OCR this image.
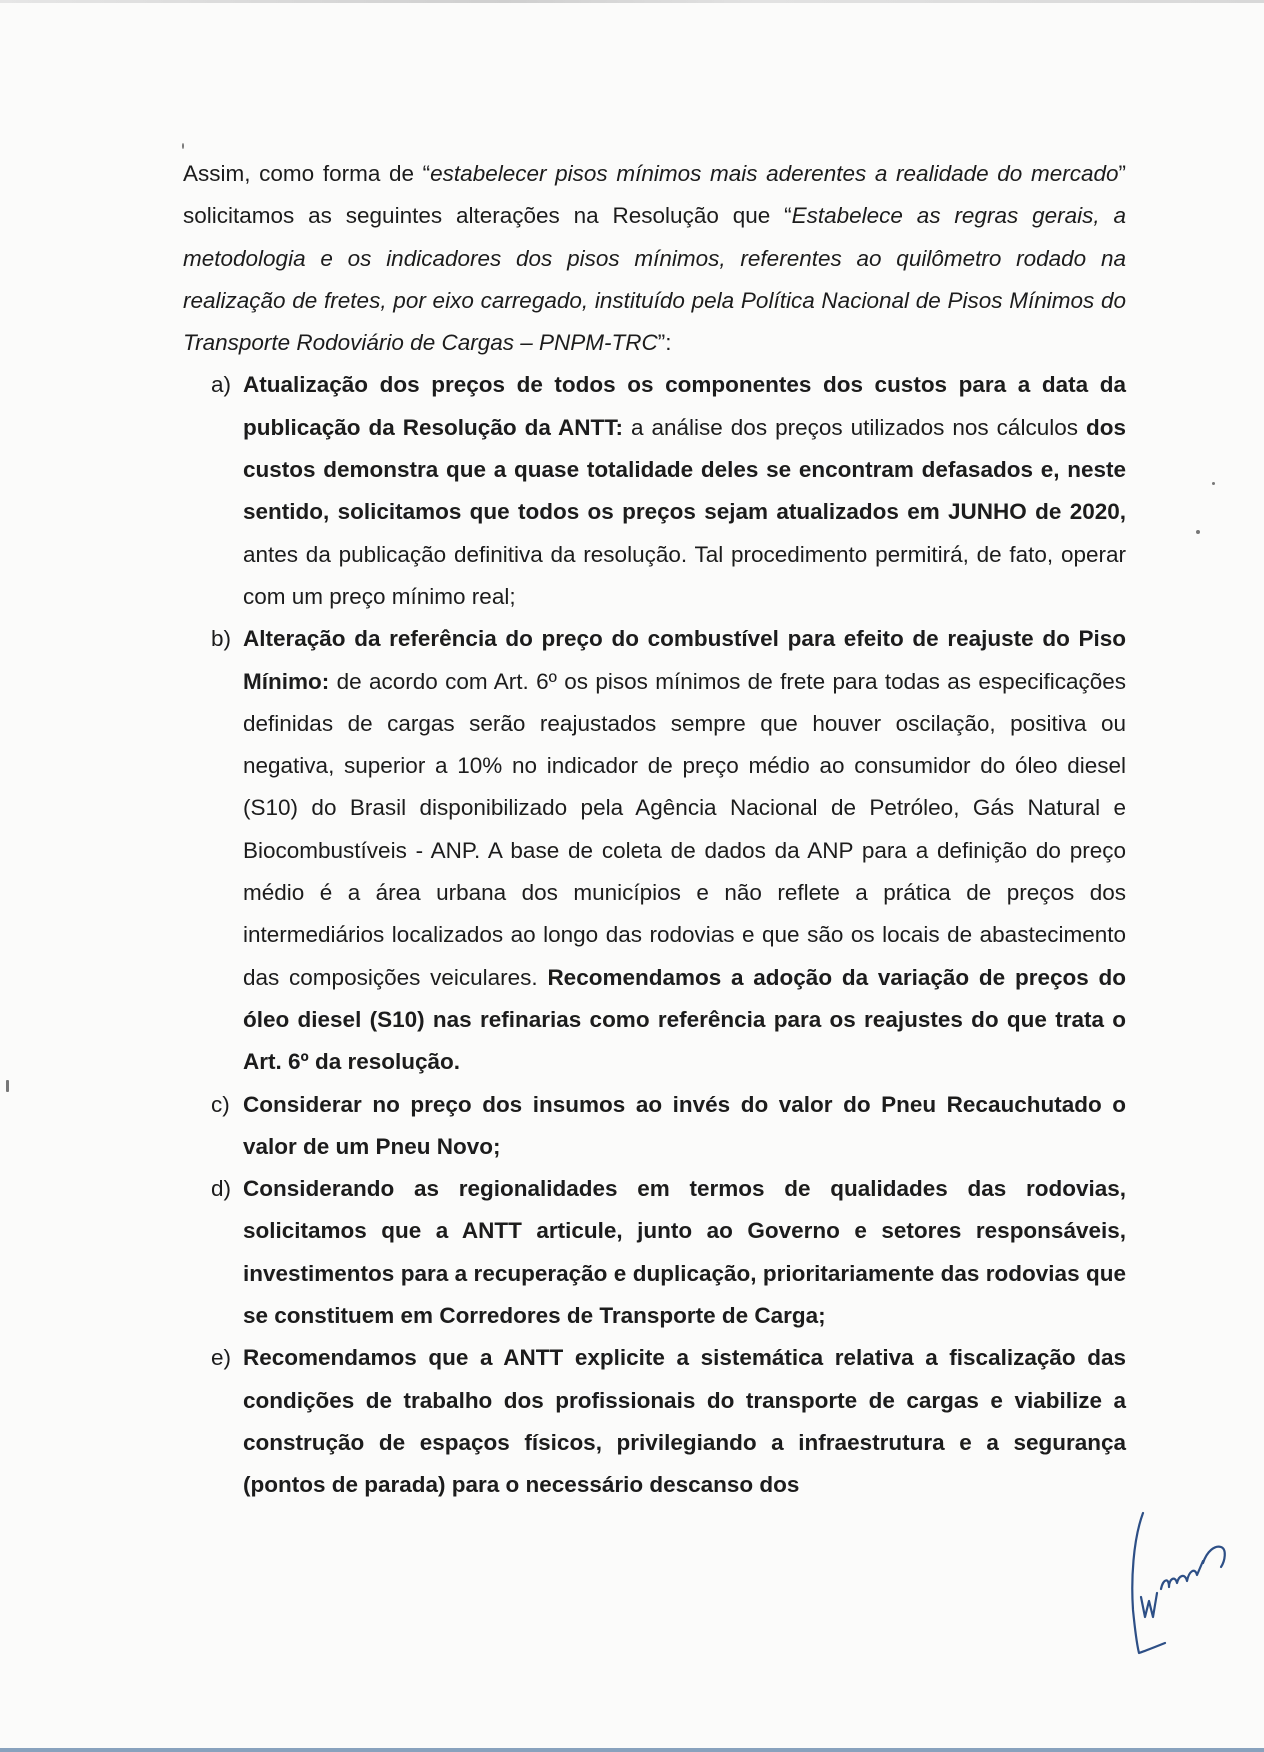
Assim, como forma de “estabelecer pisos mínimos mais aderentes a realidade do mercado” solicitamos as seguintes alterações na Resolução que “Estabelece as regras gerais, a metodologia e os indicadores dos pisos mínimos, referentes ao quilômetro rodado na realização de fretes, por eixo carregado, instituído pela Política Nacional de Pisos Mínimos do Transporte Rodoviário de Cargas – PNPM-TRC”:

a) Atualização dos preços de todos os componentes dos custos para a data da publicação da Resolução da ANTT: a análise dos preços utilizados nos cálculos dos custos demonstra que a quase totalidade deles se encontram defasados e, neste sentido, solicitamos que todos os preços sejam atualizados em JUNHO de 2020, antes da publicação definitiva da resolução. Tal procedimento permitirá, de fato, operar com um preço mínimo real;
b) Alteração da referência do preço do combustível para efeito de reajuste do Piso Mínimo: de acordo com Art. 6º os pisos mínimos de frete para todas as especificações definidas de cargas serão reajustados sempre que houver oscilação, positiva ou negativa, superior a 10% no indicador de preço médio ao consumidor do óleo diesel (S10) do Brasil disponibilizado pela Agência Nacional de Petróleo, Gás Natural e Biocombustíveis - ANP. A base de coleta de dados da ANP para a definição do preço médio é a área urbana dos municípios e não reflete a prática de preços dos intermediários localizados ao longo das rodovias e que são os locais de abastecimento das composições veiculares. Recomendamos a adoção da variação de preços do óleo diesel (S10) nas refinarias como referência para os reajustes do que trata o Art. 6º da resolução.
c) Considerar no preço dos insumos ao invés do valor do Pneu Recauchutado o valor de um Pneu Novo;
d) Considerando as regionalidades em termos de qualidades das rodovias, solicitamos que a ANTT articule, junto ao Governo e setores responsáveis, investimentos para a recuperação e duplicação, prioritariamente das rodovias que se constituem em Corredores de Transporte de Carga;
e) Recomendamos que a ANTT explicite a sistemática relativa a fiscalização das condições de trabalho dos profissionais do transporte de cargas e viabilize a construção de espaços físicos, privilegiando a infraestrutura e a segurança (pontos de parada) para o necessário descanso dos
